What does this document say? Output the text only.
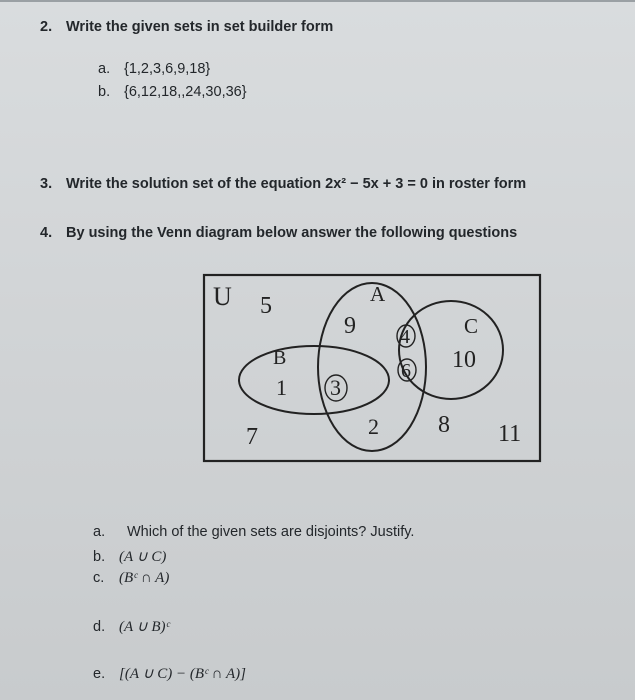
2. Write the given sets in set builder form
a. {1,2,3,6,9,18}
b. {6,12,18,,24,30,36}
3. Write the solution set of the equation 2x² − 5x + 3 = 0 in roster form
4. By using the Venn diagram below answer the following questions
U	A
B
C
5
7	11
9 4
6 10
1 3
2 8
a. Which of the given sets are disjoints? Justify.
b. (A ∪ C)
c. (Bᶜ ∩ A)
d. (A ∪ B)ᶜ
e. [(A ∪ C) − (Bᶜ ∩ A)]
